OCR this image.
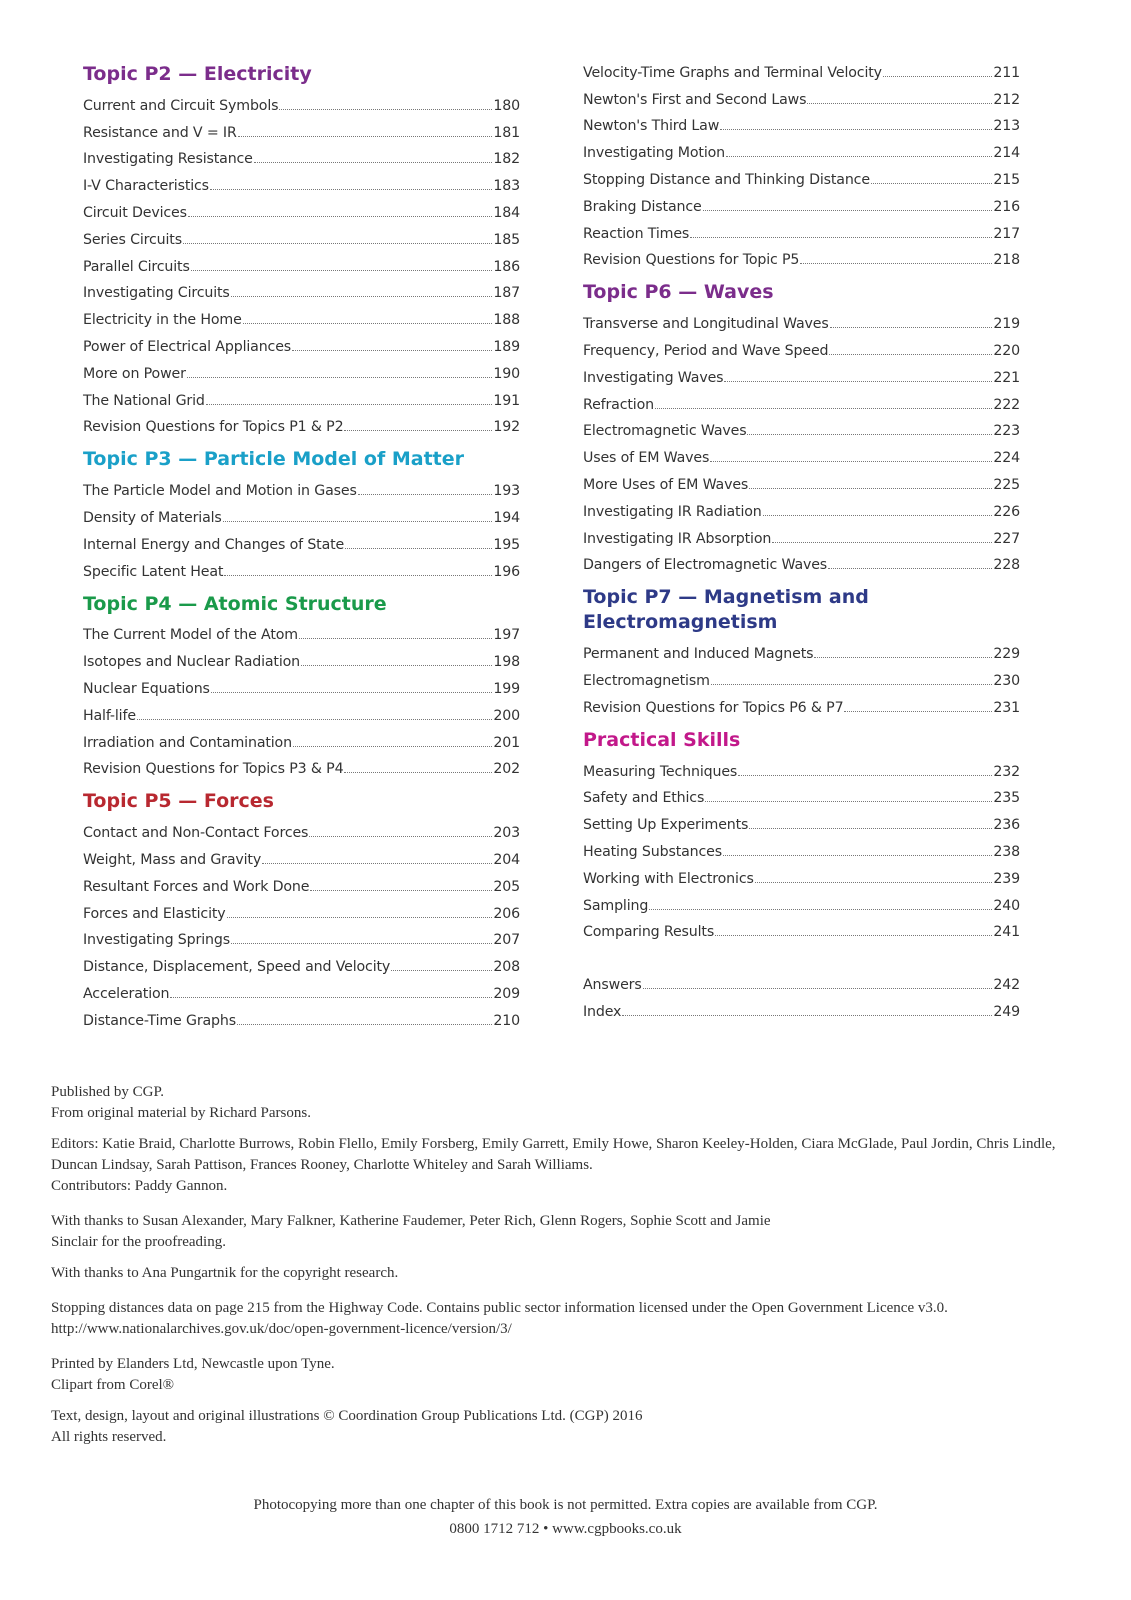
Topic P2 — Electricity
Current and Circuit Symbols	180
Resistance and V = IR	181
Investigating Resistance	182
I-V Characteristics	183
Circuit Devices	184
Series Circuits	185
Parallel Circuits	186
Investigating Circuits	187
Electricity in the Home	188
Power of Electrical Appliances	189
More on Power	190
The National Grid	191
Revision Questions for Topics P1 & P2	192
Topic P3 — Particle Model of Matter
The Particle Model and Motion in Gases	193
Density of Materials	194
Internal Energy and Changes of State	195
Specific Latent Heat	196
Topic P4 — Atomic Structure
The Current Model of the Atom	197
Isotopes and Nuclear Radiation	198
Nuclear Equations	199
Half-life	200
Irradiation and Contamination	201
Revision Questions for Topics P3 & P4	202
Topic P5 — Forces
Contact and Non-Contact Forces	203
Weight, Mass and Gravity	204
Resultant Forces and Work Done	205
Forces and Elasticity	206
Investigating Springs	207
Distance, Displacement, Speed and Velocity	208
Acceleration	209
Distance-Time Graphs	210
Velocity-Time Graphs and Terminal Velocity	211
Newton's First and Second Laws	212
Newton's Third Law	213
Investigating Motion	214
Stopping Distance and Thinking Distance	215
Braking Distance	216
Reaction Times	217
Revision Questions for Topic P5	218
Topic P6 — Waves
Transverse and Longitudinal Waves	219
Frequency, Period and Wave Speed	220
Investigating Waves	221
Refraction	222
Electromagnetic Waves	223
Uses of EM Waves	224
More Uses of EM Waves	225
Investigating IR Radiation	226
Investigating IR Absorption	227
Dangers of Electromagnetic Waves	228
Topic P7 — Magnetism and Electromagnetism
Permanent and Induced Magnets	229
Electromagnetism	230
Revision Questions for Topics P6 & P7	231
Practical Skills
Measuring Techniques	232
Safety and Ethics	235
Setting Up Experiments	236
Heating Substances	238
Working with Electronics	239
Sampling	240
Comparing Results	241
Answers	242
Index	249

Published by CGP.
From original material by Richard Parsons.

Editors: Katie Braid, Charlotte Burrows, Robin Flello, Emily Forsberg, Emily Garrett, Emily Howe, Sharon Keeley-Holden, Ciara McGlade, Paul Jordin, Chris Lindle, Duncan Lindsay, Sarah Pattison, Frances Rooney, Charlotte Whiteley and Sarah Williams.
Contributors: Paddy Gannon.

With thanks to Susan Alexander, Mary Falkner, Katherine Faudemer, Peter Rich, Glenn Rogers, Sophie Scott and Jamie Sinclair for the proofreading.

With thanks to Ana Pungartnik for the copyright research.

Stopping distances data on page 215 from the Highway Code. Contains public sector information licensed under the Open Government Licence v3.0. http://www.nationalarchives.gov.uk/doc/open-government-licence/version/3/

Printed by Elanders Ltd, Newcastle upon Tyne.
Clipart from Corel®

Text, design, layout and original illustrations © Coordination Group Publications Ltd. (CGP) 2016
All rights reserved.

Photocopying more than one chapter of this book is not permitted. Extra copies are available from CGP.
0800 1712 712 • www.cgpbooks.co.uk
